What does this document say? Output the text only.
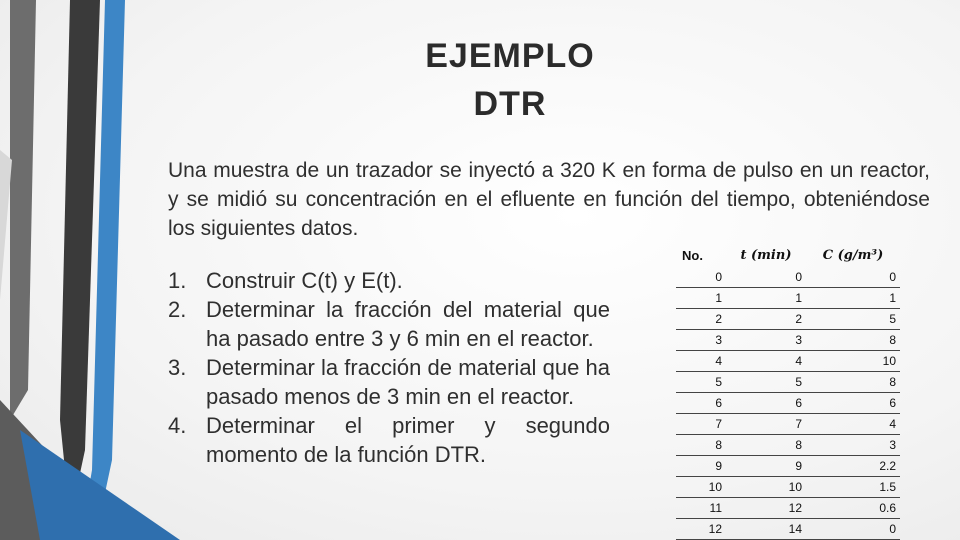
EJEMPLO
DTR
Una muestra de un trazador se inyectó a 320 K en forma de pulso en un reactor, y se midió su concentración en el efluente en función del tiempo, obteniéndose los siguientes datos.
1. Construir C(t) y E(t).
2. Determinar la fracción del material que ha pasado entre 3 y 6 min en el reactor.
3. Determinar la fracción de material que ha pasado menos de 3 min en el reactor.
4. Determinar el primer y segundo momento de la función DTR.
No.	t (min)	C (g/m³)
0	0	0
1	1	1
2	2	5
3	3	8
4	4	10
5	5	8
6	6	6
7	7	4
8	8	3
9	9	2.2
10	10	1.5
11	12	0.6
12	14	0
